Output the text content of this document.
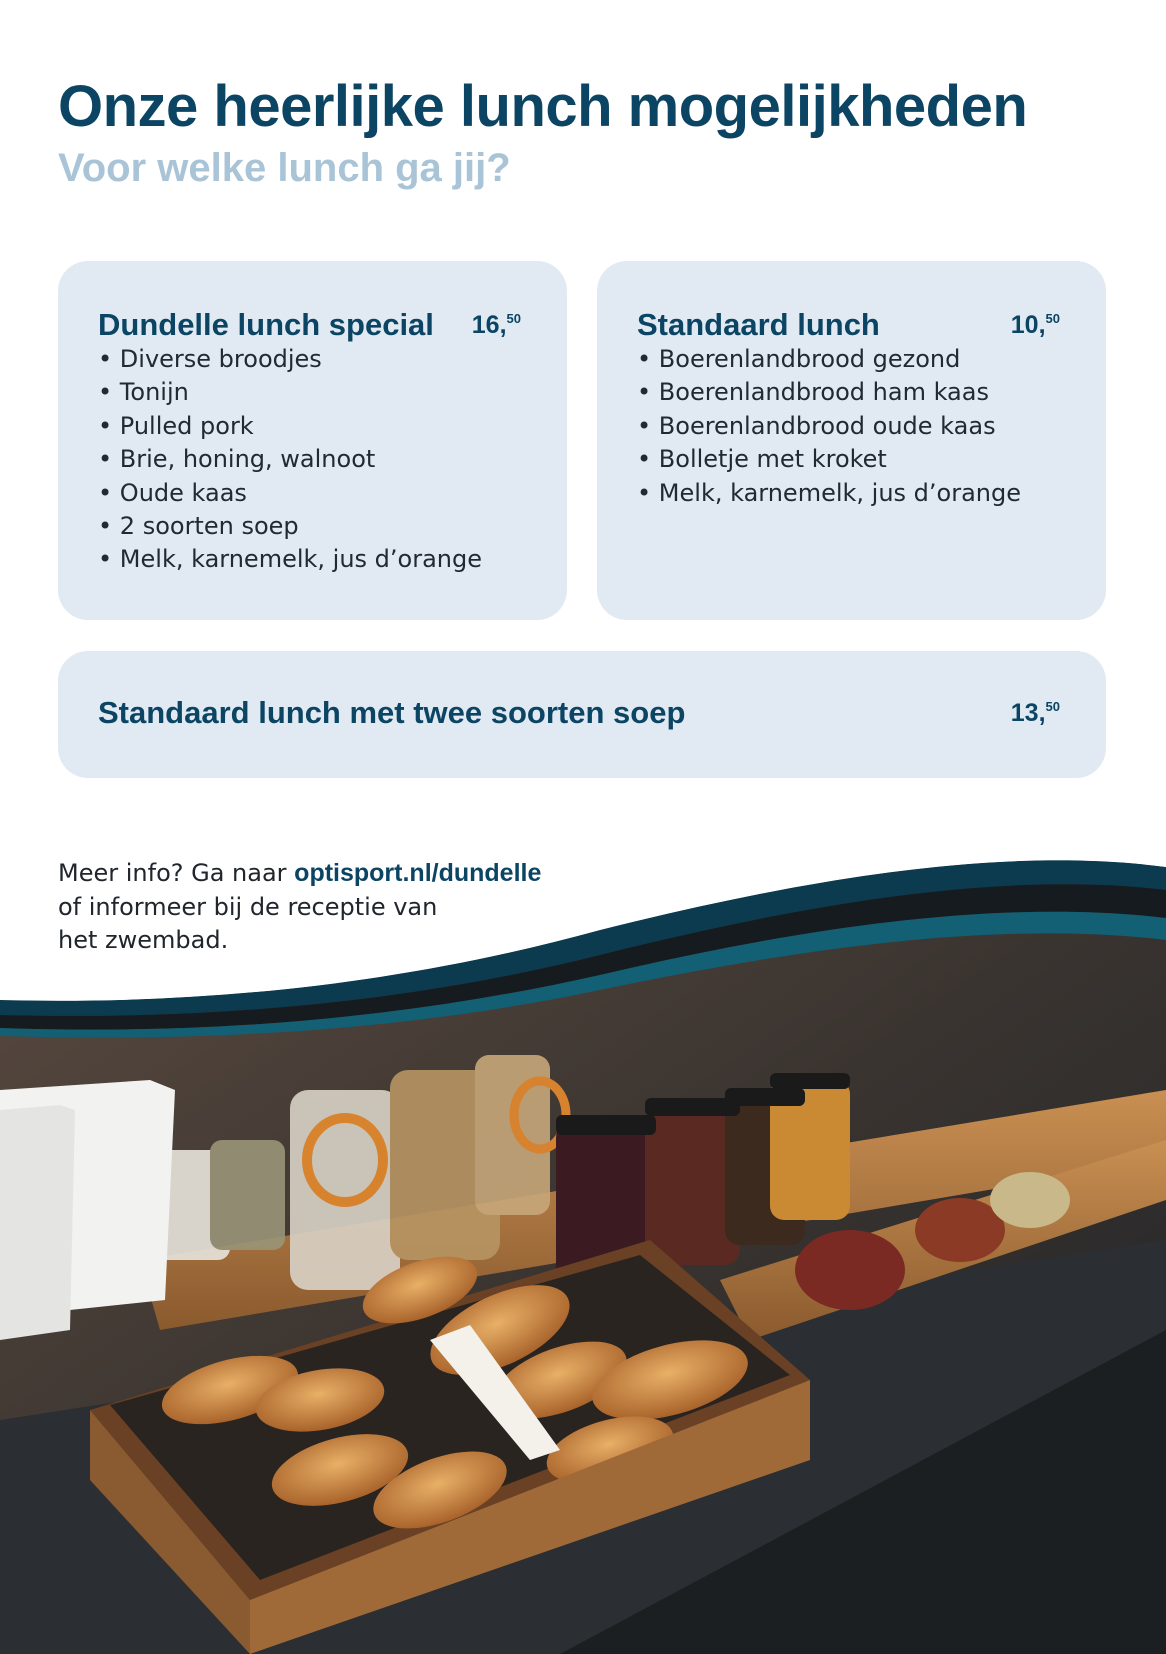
Onze heerlijke lunch mogelijkheden
Voor welke lunch ga jij?
Dundelle lunch special 16,50
• Diverse broodjes
• Tonijn
• Pulled pork
• Brie, honing, walnoot
• Oude kaas
• 2 soorten soep
• Melk, karnemelk, jus d’orange
Standaard lunch	10,50
• Boerenlandbrood gezond
• Boerenlandbrood ham kaas
• Boerenlandbrood oude kaas
• Bolletje met kroket
• Melk, karnemelk, jus d’orange
Standaard lunch met twee soorten soep	13,50

Meer info? Ga naar optisport.nl/dundelle
of informeer bij de receptie van
het zwembad.
